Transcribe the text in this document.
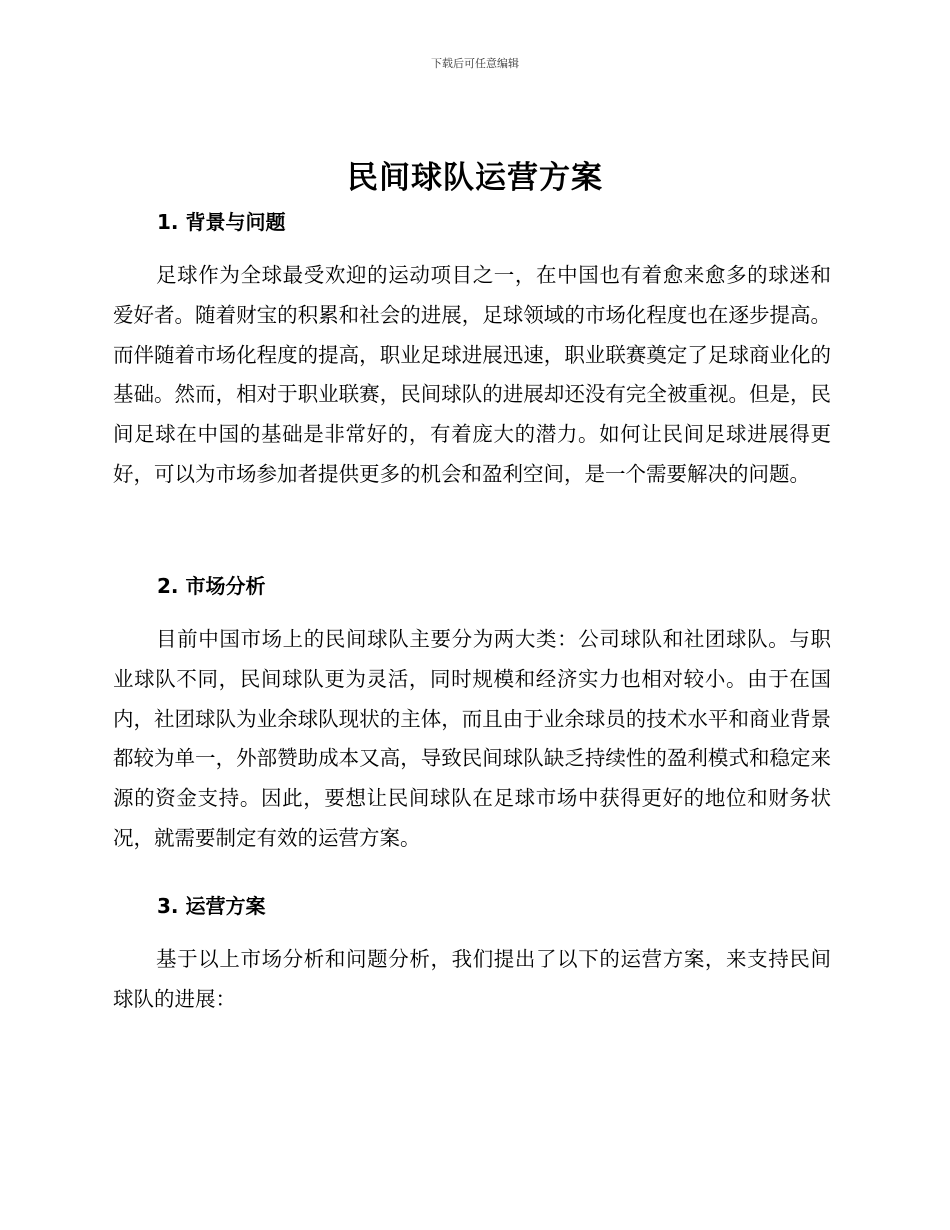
下载后可任意编辑
民间球队运营方案
1. 背景与问题

足球作为全球最受欢迎的运动项目之一，在中国也有着愈来愈多的球迷和爱好者。随着财宝的积累和社会的进展，足球领域的市场化程度也在逐步提高。而伴随着市场化程度的提高，职业足球进展迅速，职业联赛奠定了足球商业化的基础。然而，相对于职业联赛，民间球队的进展却还没有完全被重视。但是，民间足球在中国的基础是非常好的，有着庞大的潜力。如何让民间足球进展得更好，可以为市场参加者提供更多的机会和盈利空间，是一个需要解决的问题。

2. 市场分析

目前中国市场上的民间球队主要分为两大类：公司球队和社团球队。与职业球队不同，民间球队更为灵活，同时规模和经济实力也相对较小。由于在国内，社团球队为业余球队现状的主体，而且由于业余球员的技术水平和商业背景都较为单一，外部赞助成本又高，导致民间球队缺乏持续性的盈利模式和稳定来源的资金支持。因此，要想让民间球队在足球市场中获得更好的地位和财务状况，就需要制定有效的运营方案。

3. 运营方案

基于以上市场分析和问题分析，我们提出了以下的运营方案，来支持民间球队的进展：
